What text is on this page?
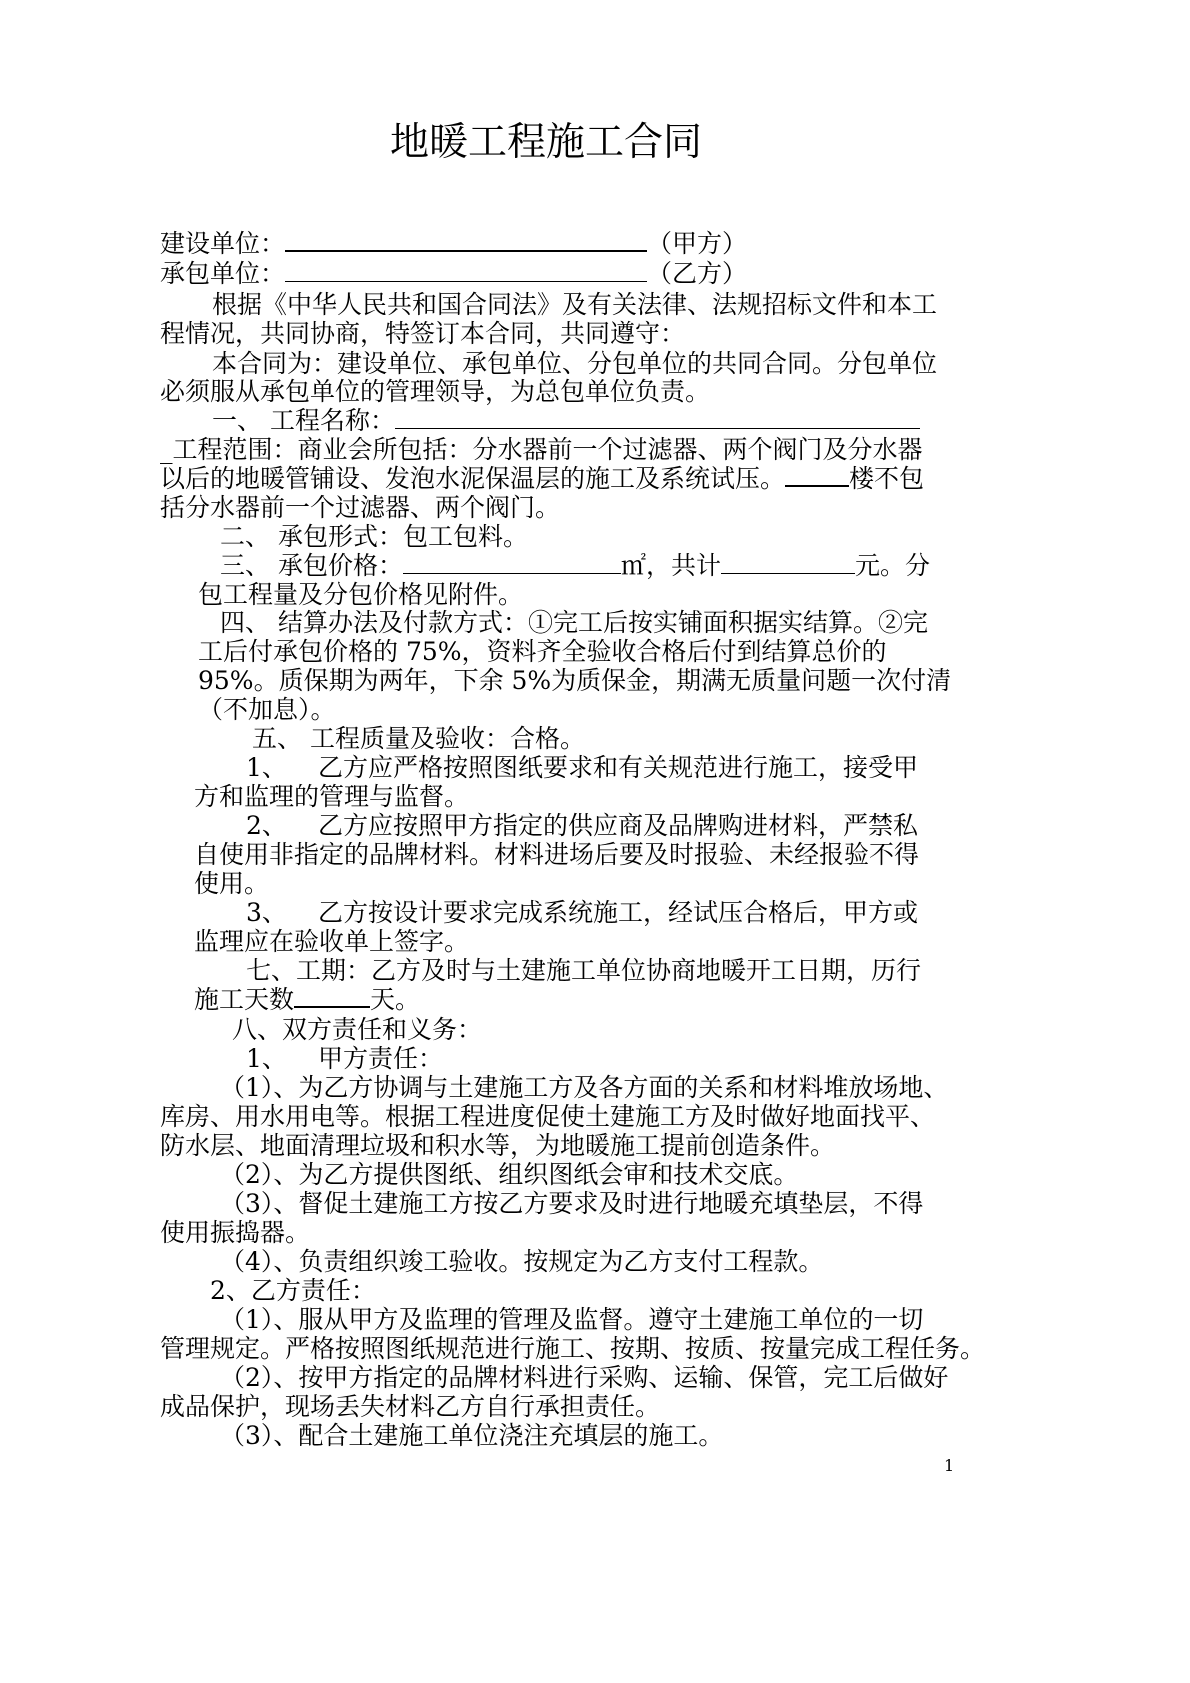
地暖工程施工合同
建设单位：	（甲方）
承包单位：	（乙方）
根据《中华人民共和国合同法》及有关法律、法规招标文件和本工
程情况，共同协商，特签订本合同，共同遵守：
本合同为：建设单位、承包单位、分包单位的共同合同。分包单位
必须服从承包单位的管理领导，为总包单位负责。
一、 工程名称：
_工程范围：商业会所包括：分水器前一个过滤器、两个阀门及分水器
以后的地暖管铺设、发泡水泥保温层的施工及系统试压。	楼不包
括分水器前一个过滤器、两个阀门。
二、 承包形式：包工包料。
三、 承包价格：	㎡，共计	元。分
包工程量及分包价格见附件。
四、 结算办法及付款方式：①完工后按实铺面积据实结算。②完
工后付承包价格的 75%，资料齐全验收合格后付到结算总价的
95%。质保期为两年，下余 5%为质保金，期满无质量问题一次付清
（不加息）。
五、 工程质量及验收：合格。
1、 乙方应严格按照图纸要求和有关规范进行施工，接受甲
方和监理的管理与监督。
2、 乙方应按照甲方指定的供应商及品牌购进材料，严禁私
自使用非指定的品牌材料。材料进场后要及时报验、未经报验不得
使用。
3、 乙方按设计要求完成系统施工，经试压合格后，甲方或
监理应在验收单上签字。
七、工期：乙方及时与土建施工单位协商地暖开工日期，历行
施工天数	天。
八、双方责任和义务：
1、 甲方责任：
（1）、为乙方协调与土建施工方及各方面的关系和材料堆放场地、
库房、用水用电等。根据工程进度促使土建施工方及时做好地面找平、
防水层、地面清理垃圾和积水等，为地暖施工提前创造条件。
（2）、为乙方提供图纸、组织图纸会审和技术交底。
（3）、督促土建施工方按乙方要求及时进行地暖充填垫层，不得
使用振捣器。
（4）、负责组织竣工验收。按规定为乙方支付工程款。
2、乙方责任：
（1）、服从甲方及监理的管理及监督。遵守土建施工单位的一切
管理规定。严格按照图纸规范进行施工、按期、按质、按量完成工程任务。
（2）、按甲方指定的品牌材料进行采购、运输、保管，完工后做好
成品保护，现场丢失材料乙方自行承担责任。
（3）、配合土建施工单位浇注充填层的施工。
1
